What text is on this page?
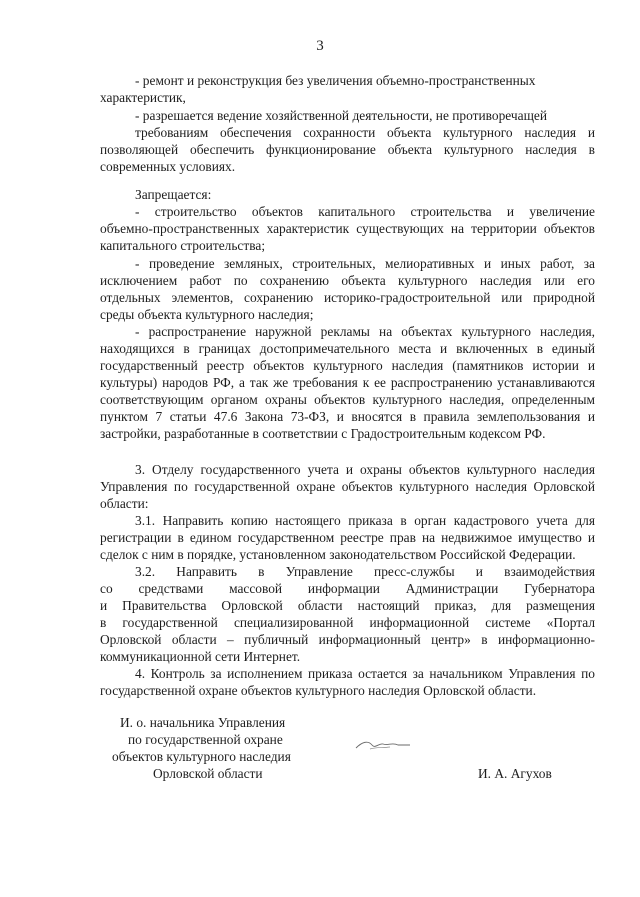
3
- ремонт и реконструкция без увеличения объемно-пространственных
характеристик,
- разрешается ведение хозяйственной деятельности, не противоречащей
требованиям обеспечения сохранности объекта культурного наследия и
позволяющей обеспечить функционирование объекта культурного наследия в
современных условиях.
Запрещается:
- строительство объектов капитального строительства и увеличение
объемно-пространственных характеристик существующих на территории объектов
капитального строительства;
- проведение земляных, строительных, мелиоративных и иных работ, за
исключением работ по сохранению объекта культурного наследия или его
отдельных элементов, сохранению историко-градостроительной или природной
среды объекта культурного наследия;
- распространение наружной рекламы на объектах культурного наследия,
находящихся в границах достопримечательного места и включенных в единый
государственный реестр объектов культурного наследия (памятников истории и
культуры) народов РФ, а так же требования к ее распространению устанавливаются
соответствующим органом охраны объектов культурного наследия, определенным
пунктом 7 статьи 47.6 Закона 73-ФЗ, и вносятся в правила землепользования и
застройки, разработанные в соответствии с Градостроительным кодексом РФ.
3. Отделу государственного учета и охраны объектов культурного наследия
Управления по государственной охране объектов культурного наследия Орловской
области:
3.1. Направить копию настоящего приказа в орган кадастрового учета для
регистрации в едином государственном реестре прав на недвижимое имущество и
сделок с ним в порядке, установленном законодательством Российской Федерации.
3.2. Направить в Управление пресс-службы и взаимодействия
со средствами массовой информации Администрации Губернатора
и Правительства Орловской области настоящий приказ, для размещения
в государственной специализированной информационной системе «Портал
Орловской области – публичный информационный центр» в информационно-
коммуникационной сети Интернет.
4. Контроль за исполнением приказа остается за начальником Управления по
государственной охране объектов культурного наследия Орловской области.
И. о. начальника Управления
по государственной охране
объектов культурного наследия
Орловской области	И. А. Агухов
